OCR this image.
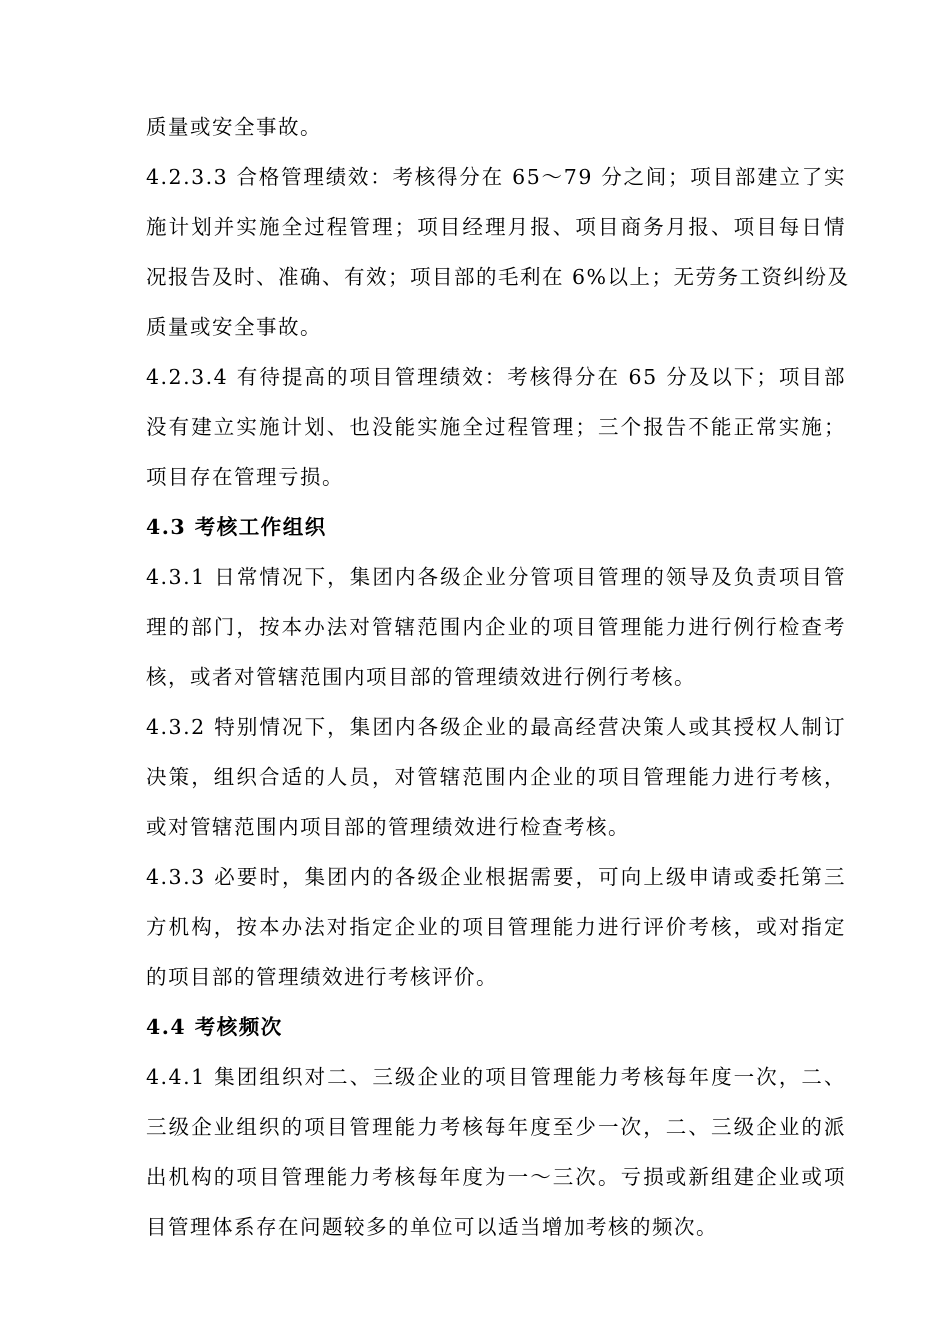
质量或安全事故。
4.2.3.3 合格管理绩效：考核得分在 65～79 分之间；项目部建立了实
施计划并实施全过程管理；项目经理月报、项目商务月报、项目每日情
况报告及时、准确、有效；项目部的毛利在 6%以上；无劳务工资纠纷及
质量或安全事故。
4.2.3.4 有待提高的项目管理绩效：考核得分在 65 分及以下；项目部
没有建立实施计划、也没能实施全过程管理；三个报告不能正常实施；
项目存在管理亏损。
4.3 考核工作组织
4.3.1 日常情况下，集团内各级企业分管项目管理的领导及负责项目管
理的部门，按本办法对管辖范围内企业的项目管理能力进行例行检查考
核，或者对管辖范围内项目部的管理绩效进行例行考核。
4.3.2 特别情况下，集团内各级企业的最高经营决策人或其授权人制订
决策，组织合适的人员，对管辖范围内企业的项目管理能力进行考核，
或对管辖范围内项目部的管理绩效进行检查考核。
4.3.3 必要时，集团内的各级企业根据需要，可向上级申请或委托第三
方机构，按本办法对指定企业的项目管理能力进行评价考核，或对指定
的项目部的管理绩效进行考核评价。
4.4 考核频次
4.4.1 集团组织对二、三级企业的项目管理能力考核每年度一次，二、
三级企业组织的项目管理能力考核每年度至少一次，二、三级企业的派
出机构的项目管理能力考核每年度为一～三次。亏损或新组建企业或项
目管理体系存在问题较多的单位可以适当增加考核的频次。
